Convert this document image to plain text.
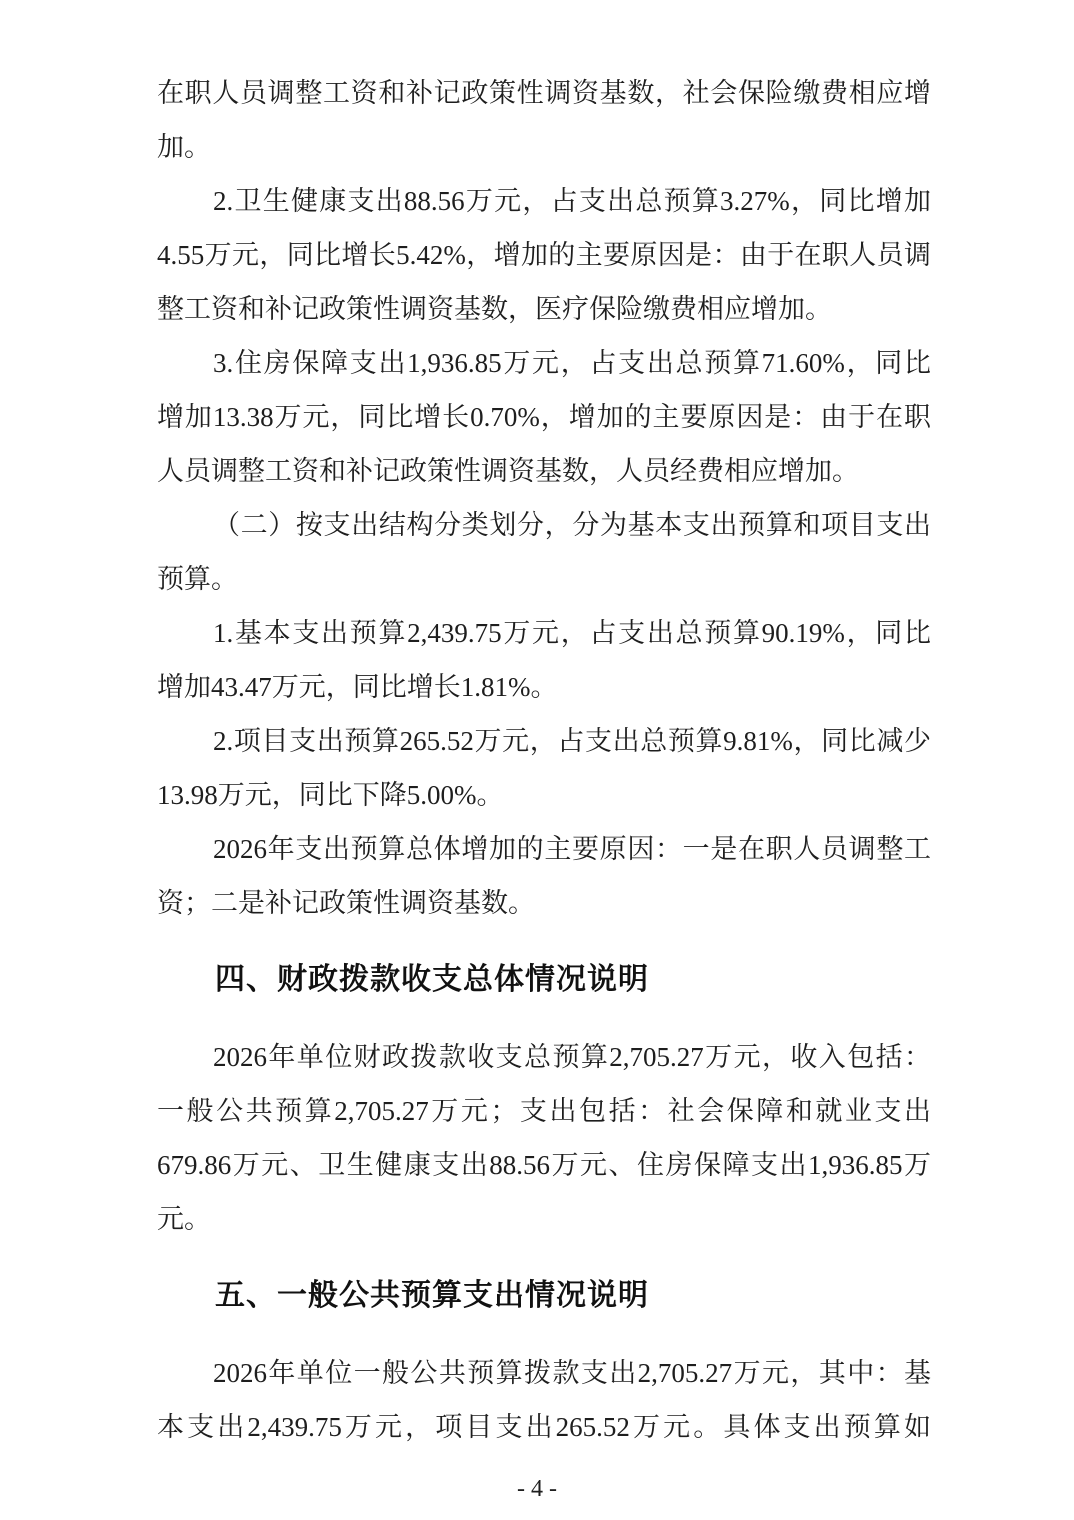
在职人员调整工资和补记政策性调资基数，社会保险缴费相应增
加。
2.卫生健康支出88.56万元，占支出总预算3.27%，同比增加
4.55万元，同比增长5.42%，增加的主要原因是：由于在职人员调
整工资和补记政策性调资基数，医疗保险缴费相应增加。
3.住房保障支出1,936.85万元，占支出总预算71.60%，同比
增加13.38万元，同比增长0.70%，增加的主要原因是：由于在职
人员调整工资和补记政策性调资基数，人员经费相应增加。
（二）按支出结构分类划分，分为基本支出预算和项目支出
预算。
1.基本支出预算2,439.75万元，占支出总预算90.19%，同比
增加43.47万元，同比增长1.81%。
2.项目支出预算265.52万元，占支出总预算9.81%，同比减少
13.98万元，同比下降5.00%。
2026年支出预算总体增加的主要原因：一是在职人员调整工
资；二是补记政策性调资基数。
四、财政拨款收支总体情况说明
2026年单位财政拨款收支总预算2,705.27万元，收入包括：
一般公共预算2,705.27万元；支出包括：社会保障和就业支出
679.86万元、卫生健康支出88.56万元、住房保障支出1,936.85万
元。
五、一般公共预算支出情况说明
2026年单位一般公共预算拨款支出2,705.27万元，其中：基
本支出2,439.75万元，项目支出265.52万元。具体支出预算如
- 4 -
